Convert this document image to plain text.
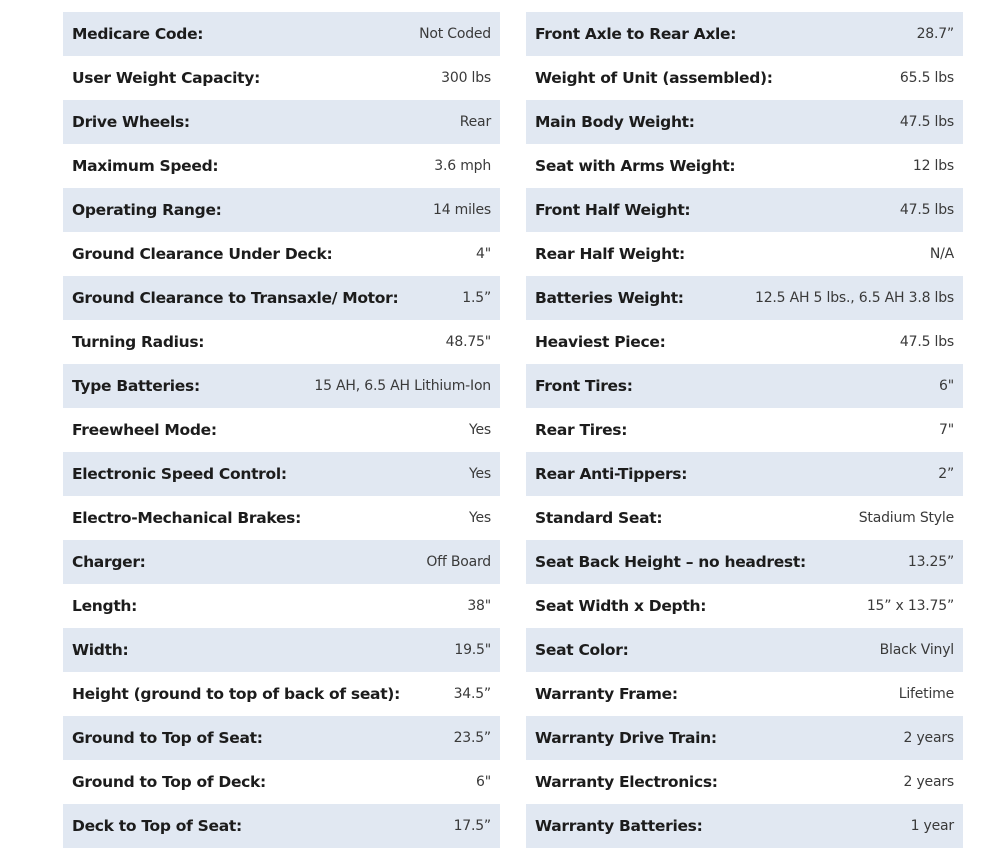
Medicare Code:	Not Coded
User Weight Capacity:	300 lbs
Drive Wheels:	Rear
Maximum Speed:	3.6 mph
Operating Range:	14 miles
Ground Clearance Under Deck:	4"
Ground Clearance to Transaxle/ Motor:	1.5”
Turning Radius:	48.75"
Type Batteries:	15 AH, 6.5 AH Lithium-Ion
Freewheel Mode:	Yes
Electronic Speed Control:	Yes
Electro-Mechanical Brakes:	Yes
Charger:	Off Board
Length:	38"
Width:	19.5"
Height (ground to top of back of seat):	34.5”
Ground to Top of Seat:	23.5”
Ground to Top of Deck:	6"
Deck to Top of Seat:	17.5”
Front Axle to Rear Axle:	28.7”
Weight of Unit (assembled):	65.5 lbs
Main Body Weight:	47.5 lbs
Seat with Arms Weight:	12 lbs
Front Half Weight:	47.5 lbs
Rear Half Weight:	N/A
Batteries Weight:	12.5 AH 5 lbs., 6.5 AH 3.8 lbs
Heaviest Piece:	47.5 lbs
Front Tires:	6"
Rear Tires:	7"
Rear Anti-Tippers:	2”
Standard Seat:	Stadium Style
Seat Back Height – no headrest:	13.25”
Seat Width x Depth:	15” x 13.75”
Seat Color:	Black Vinyl
Warranty Frame:	Lifetime
Warranty Drive Train:	2 years
Warranty Electronics:	2 years
Warranty Batteries:	1 year
